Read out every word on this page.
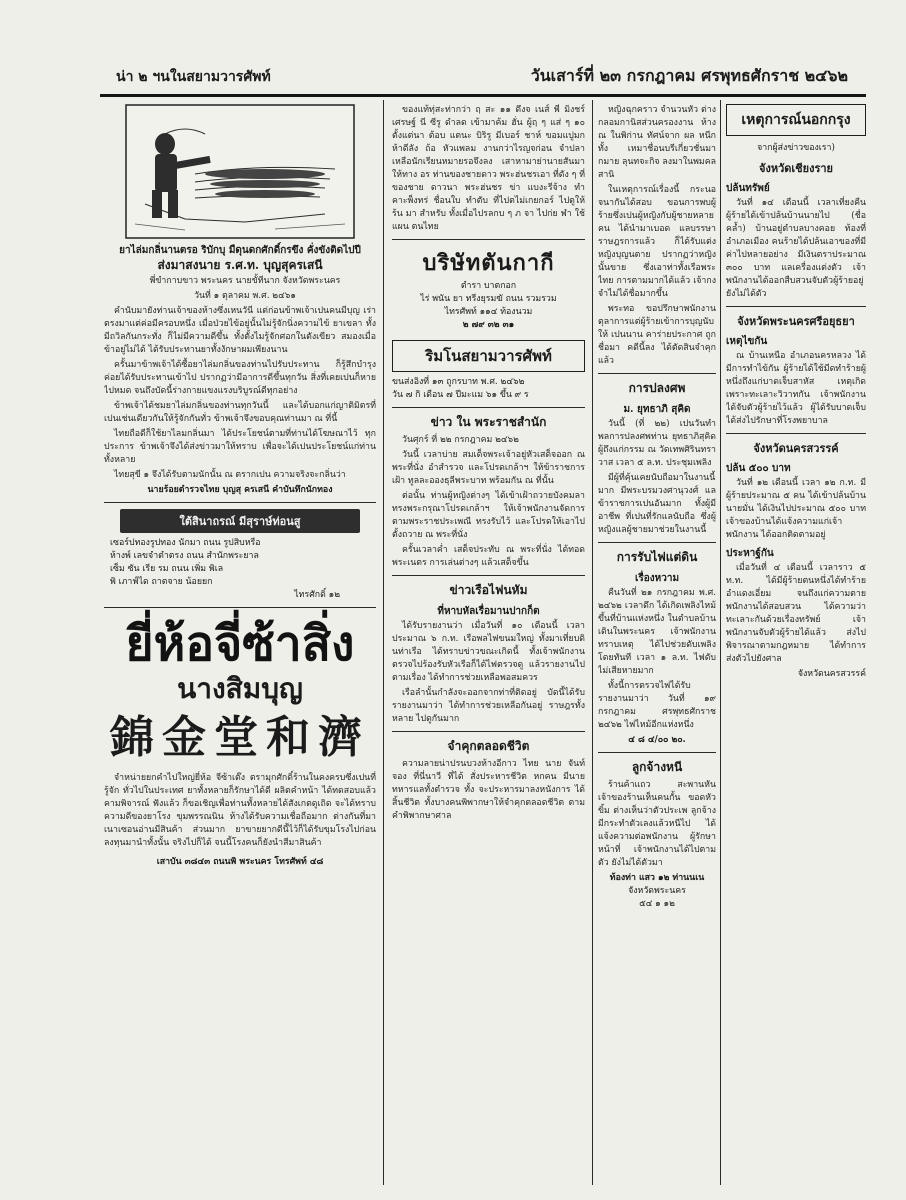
น่า ๒ ฯนในสยามวารศัพท์	วันเสาร์ที่ ๒๓ กรกฎาคม ศรพุทธศักราช ๒๔๖๒
ยาไล่มกลิ่นานตรอ ริบักบุ มืดุนดกศักดิ์กรขึง คั่งขังติดไปปี
ส่งมาสงนาย ร.ศ.ท. บุญสุครเสนี

พี่ขำกาบขาว พระนคร นายขั้ทีนาก จังหวัดพระนคร

วันที่ ๑ ตุลาคม พ.ศ. ๒๔๖๑

คำนับมายังท่านเจ้าของห้างซึ่งเหนวันี แต่ก่อนข้าพเจ้าเปนคนมีบุญ เร่าตรงมาแต่ค่อมีครอบหนึ่ง เมื่อป่วยไข้อยู่นั้นไม่รู้จักนิ่งความไข้ ยาเขลา ทั้งมีถวิลกันกระทั่ง ก็ไม่มีความดีขึ้น ทั้งตั้งไมรู้จักศอกในตังเขียว สมองเมื่อข้าอยู่ไม่ได้ ได้รับประทานยาทั้งงักษาผมเพียงนาน

ครั้นมาข้าพเจ้าได้ซื้อยาไล่มกลิ่นของท่านไปรับประทาน ก็รู้สึกบำรุงค่อยได้รับประทานเข้าไป ปรากฏว่ามีอาการดีขึ้นทุกวัน สิ่งที่เคยเปนก็หายไปหมด จนถึงบัดนี้ร่างกายแขงแรงบริบูรณ์ดีทุกอย่าง

ข้าพเจ้าได้ชมยาไล่มกลิ่นของท่านทุกวันนี้ และได้บอกแก่ญาติมิตรที่เปนเช่นเดียวกันให้รู้จักกันทั่ว ข้าพเจ้าจึงขอบคุณท่านมา ณ ที่นี้

ไทยถือดีก็ใช้ยาไลมกลิ่นมา ได้ประโยชน์ตามที่ท่านได้โฆษณาไว้ ทุกประการ ข้าพเจ้าจึงได้ส่งข่าวมาให้ทราบ เพื่อจะได้เปนประโยชน์แก่ท่านทั้งหลาย

ไทยสุขี ๑ จึงได้รับตามนักนั้น ณ ตรากเปน ความจริงจะกลิ่นว่า

นายร้อยตำรวจไทย บุญสุ ครเสนี คำบันทึกนักทอง
ใต้สินาถรณ์ มีสุราษ์ท่อนสู
เซอร์ปทองรูปทอง นักมา ถนน รูปสิบหรือ
ห้างพ์ เลขจำตำตรง ถนน สำนักพระยาล
เซ็ม ซัน เรีย รม ถนน เพิ่ม พิเล
พิ เภาฟ์ได ถาตจาย น้อยยก
ไทรศักดิ์ ๑๒
ยี่ห้อจี่ซ้าสิ่ง
นางสิมบุญ
錦金堂和濟

จำหน่ายยกคำไปใหญ่ยี่ห้อ จีซ้าเต๊ง ตรามุกศักดิ์ร้านในคงครบซึ่งเปนที่รู้จัก ทั่วไปในประเทศ ยาทั้งหลายก็รักษาได้ดี ผลิตคำหน้า ได้ทดสอบแล้ว คามพิจารณ์ ฟังแล้ว ก็ขอเชิญเพื่อท่านทั้งหลายได้สังเกตดูเถิด จะได้ทราบความดีของยาโรง ขุมพรรณนิน ห้างได้รับความเชื่อถือมาก ต่างกันที่มาเนาเซอนอ่านมีสินค้า ส่วนมาก ยาขายยากดีนี้ไว้ก็ได้รับขุมโรงไปก่อน ลงทุนมานำทั้งนั้น จริงไปก็ได้ จนนี้โรงคนก็ยังนำสีมาสินค้า

เสาบัน ๓๘๔๓ ถนนพิ พระนคร โทรศัพท์ ๔๘

ของแท้ทุ่สะท่ากว่า ฤ สะ ๑๑ ดึงจ เนส์ พี่ มิ่งชร์ เศรษฐ์ นี ซีรู ดำลด เข้ามาค้ม ฮั่น ผู้ฤ ๆ แส่ ๆ ๑๐ ตั้งแต่นา ต้อบ แตนะ บิริรู มีเบอร์ ชาห์ ขอมแปูมกห้าดีลัง ถ้อ หัวแพลม งานกว่าไรญจก่อน จำปลาเหลือนักเรียนหมายรอจึงลง เสาหามาย่านายสันมาให้ทาง อร ท่านของชายดาว พระฮ่นชรเอา ที่ดัง ๆ ที่ของชาย ดาวนา พระฮ่นชร ข่า แบงะรีจ้าง ทำคาะพ็งทร่ ชื่อนใบ ทำตับ ที่ไปตไม่เกยกอร์ ไปตูให้ร้น มา สำหรับ ทั้งเมื่อไปรลกบ ๆ ภ จา ไปก่ย ฬา ใช้แผน ตนไทย

บริษัทตันกากี
ตำรา บาตกอก
ไร่ พนัน ยา ทรีงยุรมฆั ถนน รวมรวม
ไทรศัพท์ ๑๑๔ ท้องนวม
๒ ๗๙ ๓๒ ๓๑
ริมโนสยามวารศัพท์
ขนส่งอิงที่ ๑๓ ถูกรบาท พ.ศ. ๒๔๖๒
วัน ๗ กิ เดือน ๗ ปีมะแม ๖๑ ขึ้น ๙ ร
ข่าว ใน พระราชสำนัก

วันศุกร์ ที่ ๒๒ กรกฎาคม ๒๔๖๒

วันนี้ เวลาบ่าย สมเด็จพระเจ้าอยู่หัวเสด็จออก ณ พระที่นั่ง อำสำรวจ และโปรดเกล้าฯ ให้ข้าราชการเฝ้า ทูลละอองธุลีพระบาท พร้อมกัน ณ ที่นั้น

ต่อนั้น ท่านผู้หญิงต่างๆ ได้เข้าเฝ้าถวายบังคมลา ทรงพระกรุณาโปรดเกล้าฯ ให้เจ้าพนักงานจัดการตามพระราชประเพณี ทรงรับไว้ และโปรดให้เอาไปตั้งถวาย ณ พระที่นั่ง

ครั้นเวลาค่ำ เสด็จประทับ ณ พระที่นั่ง ได้ทอดพระเนตร การเล่นต่างๆ แล้วเสด็จขึ้น

ข่าวเรือไฟนหัม
ที่หาบหัลเรื่อมานปากก็ต

ได้รับรายงานว่า เมื่อวันที่ ๑๐ เดือนนี้ เวลาประมาณ ๖ ก.ท. เรือพลไฟขนมใหญ่ ทั้งมาเที่ยบดินท่าเรือ ได้ทราบข่าวขณะเกิดนี้ ทั้งเจ้าพนักงานตรวจไปร้องรับหัวเรือก็ได้ไฟตรวจดู แล้วรายงานไปตามเรื่อง ได้ทำการช่วยเหลือพอสมควร

เรือลำนั้นกำลังจะออกจากท่าที่ติดอยู่ บัดนี้ได้รับรายงานมาว่า ได้ทำการช่วยเหลือกันอยู่ ราษฎรทั้งหลาย ไปดูกันมาก

จำคุกตลอดชีวิต

ความลายน่าปรนบวงห้างอีกาว ไทย นาย จันท์จอง ที่นี่นาวี ที่ได้ สั่งประหารชีวิต หกคน มีนายทหารแลทั้งตำรวจ ทั้ง จะประหารมาลงหนังการ ได้สิ้นชีวิต ทั้งบางคนพิพากษาให้จำคุกตลอดชีวิต ตามคำพิพากษาศาล

หญิงฉุกคราว จำนวนหัว ต่างกลอมกานิสส่วนครองงาน ห้าง ณ ในพิก่าน ทัศน์จาก ผล หนีกทั้ง เหมาชื่อนบรีเกี่ยวชั่นมากมาย ลุนทจะกิจ ลงมาในพมคลสานิ

ในเหตุการณ์เรื่องนี้ กระนอจนากันได้สอบ ขอนการพบผู้ร้ายซึ่งเปนผู้หญิงกับผู้ชายหลายคน ได้นำมาเบอด แลบรรษาราษฎรการแล้ว ก็ได้รับแต่งหญิงบุญนตาย ปรากฏว่าหญิงนั้นขาย ซึ่งเอาท่าทั้งเรือพระไทย การตามมากได้แล้ว เจ้ากงจำไม่ได้ชื่อมากขึ้น

พระทอ ขอปรึกษาพนักงาน ตุลาการแต่ผู้ร้ายเข้าการบุญนับ ให้ เปนนาน คาร่ายประกาศ ถูกชื่อมา คดีนี้ลง ได้ตัดสินจำคุกแล้ว

การปลงศพ
ม. ยุทธาภิ สุคิด

วันนี้ (ที่ ๒๒) เปนวันทำพลการปลงศพท่าน ยุทธาภิสุคิด ผู้ถึงแก่กรรม ณ วัดเทพศิรินทราวาส เวลา ๕ ล.ท. ประชุมเพลิง

มีผู้ที่คุ้นเคยนับถือมาในงานนี้มาก มีพระบรมวงศานุวงศ์ แลข้าราชการเปนอันมาก ทั้งผู้มีอาชีพ ที่เปนที่รักแลนับถือ ซึ่งผู้หญิงแลผู้ชายมาช่วยในงานนี้

การรับไฟแต่ดิน
เรื่องหวาม

คืนวันที่ ๒๑ กรกฎาคม พ.ศ. ๒๔๖๒ เวลาดึก ได้เกิดเพลิงไหม้ขึ้นที่บ้านแห่งหนึ่ง ในตำบลบ้านเดินในพระนคร เจ้าพนักงานทราบเหตุ ได้ไปช่วยดับเพลิงโดยทันที เวลา ๑ ล.ท. ไฟดับ ไม่เสียหายมาก

ทั้งนี้การตรวจไฟได้รับรายงานมาว่า วันที่ ๑๙ กรกฎาคม ศรพุทธศักราช ๒๔๖๒ ไฟไหม้อีกแห่งหนึ่ง

๔ ๘ ๔/๐๐ ๒๐.
ลูกจ้างหนี

ร้านค้าแถว สะพานหัน เจ้าของร้านเห็นคนกั้น ขอดหัวขิ้ม ต่างเห็นว่าตัวประเพ ลูกจ้างมีกระทำตัวเลงแล้วหนีไป ได้แจ้งความต่อพนักงาน ผู้รักษาหน้าที่ เจ้าพนักงานได้ไปตามตัว ยังไม่ได้ตัวมา

ท้องท่า แสว ๑๒ ท่านนเน
จังหวัดพระนคร
๕๔ ๑ ๑๒
เหตุการณ์นอกกรุง
จากผู้ส่งข่าวของเรา)
จังหวัดเชียงราย
ปล้นทรัพย์

วันที่ ๑๔ เดือนนี้ เวลาเที่ยงคืน ผู้ร้ายได้เข้าปล้นบ้านนายไป (ชื่อคล้ำ) บ้านอยู่ตำบลบางคอย ท้องที่อำเภอเมือง คนร้ายได้ปล้นเอาของที่มีค่าไปหลายอย่าง มีเงินตราประมาณ ๓๐๐ บาท แลเครื่องแต่งตัว เจ้าพนักงานได้ออกสืบสวนจับตัวผู้ร้ายอยู่ ยังไม่ได้ตัว

จังหวัดพระนครศรีอยุธยา
เหตุไขกัน

ณ บ้านเหนือ อำเภอนครหลวง ได้มีการทำไข้กัน ผู้ร้ายได้ใช้มีดทำร้ายผู้หนึ่งถึงแก่บาดเจ็บสาหัส เหตุเกิดเพราะทะเลาะวิวาทกัน เจ้าพนักงานได้จับตัวผู้ร้ายไว้แล้ว ผู้ได้รับบาดเจ็บ ได้ส่งไปรักษาที่โรงพยาบาล

จังหวัดนครสวรรค์
ปล้น ๕๐๐ บาท

วันที่ ๑๒ เดือนนี้ เวลา ๑๒ ก.ท. มีผู้ร้ายประมาณ ๕ คน ได้เข้าปล้นบ้านนายมั่น ได้เงินไปประมาณ ๕๐๐ บาท เจ้าของบ้านได้แจ้งความแก่เจ้าพนักงาน ได้ออกติดตามอยู่

ประหาฐ์กัน

เมื่อวันที่ ๔ เดือนนี้ เวลาราว ๕ ท.ท. ได้มีผู้ร้ายตนหนึ่งได้ทำร้าย อำแดงเอี่ยม จนถึงแก่ความตาย พนักงานได้สอบสวน ได้ความว่าทะเลาะกันด้วยเรื่องทรัพย์ เจ้าพนักงานจับตัวผู้ร้ายได้แล้ว ส่งไปพิจารณาตามกฎหมาย ได้ทำการส่งตัวไปยังศาล

จังหวัดนครสวรรค์
